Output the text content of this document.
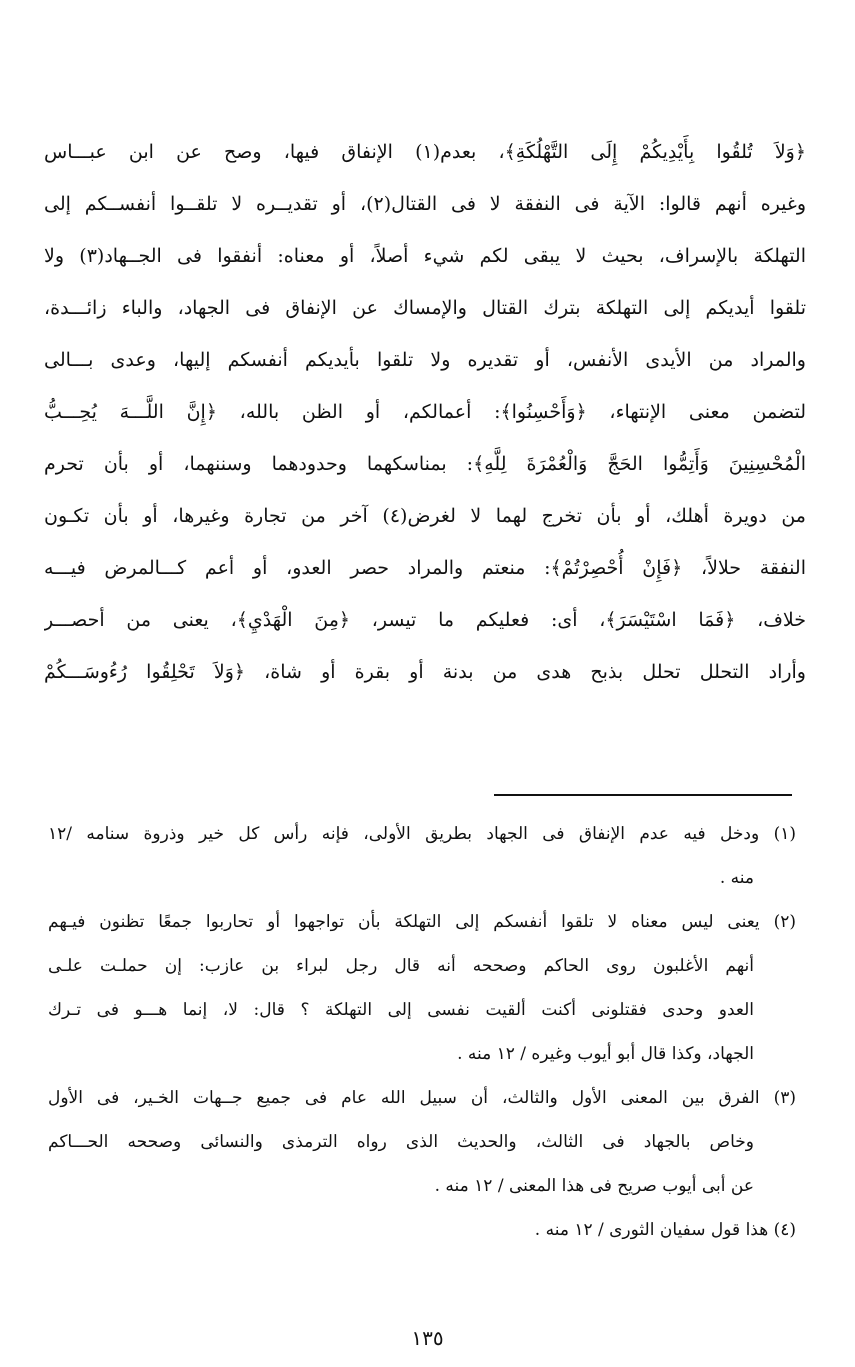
﴿وَلاَ تُلقُوا بِأَيْدِيكُمْ إِلَى التَّهْلُكَةِ﴾، بعدم(١) الإنفاق فيها، وصح عن ابن عبـــاس
وغيره أنهم قالوا: الآية فى النفقة لا فى القتال(٢)، أو تقديــره لا تلقــوا أنفســكم إلى
التهلكة بالإسراف، بحيث لا يبقى لكم شيء أصلاً، أو معناه: أنفقوا فى الجــهاد(٣) ولا
تلقوا أيديكم إلى التهلكة بترك القتال والإمساك عن الإنفاق فى الجهاد، والباء زائـــدة،
والمراد من الأيدى الأنفس، أو تقديره ولا تلقوا بأيديكم أنفسكم إليها، وعدى بـــالى
لتضمن معنى الإنتهاء، ﴿وَأَحْسِنُوا﴾: أعمالكم، أو الظن بالله، ﴿إِنَّ اللَّـــهَ يُحِـــبُّ
الْمُحْسِنِينَ وَأَتِمُّوا الحَجَّ وَالْعُمْرَةَ لِلَّهِ﴾: بمناسكهما وحدودهما وسننهما، أو بأن تحرم
من دويرة أهلك، أو بأن تخرج لهما لا لغرض(٤) آخر من تجارة وغيرها، أو بأن تكـون
النفقة حلالاً، ﴿فَإِنْ أُحْصِرْتُمْ﴾: منعتم والمراد حصر العدو، أو أعم كـــالمرض فيـــه
خلاف، ﴿فَمَا اسْتَيْسَرَ﴾، أى: فعليكم ما تيسر، ﴿مِنَ الْهَدْيِ﴾، يعنى من أحصـــر
وأراد التحلل تحلل بذبح هدى من بدنة أو بقرة أو شاة، ﴿وَلاَ تَحْلِقُوا رُءُوسَـــكُمْ
(١) ودخل فيه عدم الإنفاق فى الجهاد بطريق الأولى، فإنه رأس كل خير وذروة سنامه /١٢
منه .
(٢) يعنى ليس معناه لا تلقوا أنفسكم إلى التهلكة بأن تواجهوا أو تحاربوا جمعًا تظنون فيـهم
أنهم الأغلبون روى الحاكم وصححه أنه قال رجل لبراء بن عازب: إن حملـت علـى
العدو وحدى فقتلونى أكنت ألقيت نفسى إلى التهلكة ؟ قال: لا، إنما هـــو فى تـرك
الجهاد، وكذا قال أبو أيوب وغيره / ١٢ منه .
(٣) الفرق بين المعنى الأول والثالث، أن سبيل الله عام فى جميع جــهات الخـير، فى الأول
وخاص بالجهاد فى الثالث، والحديث الذى رواه الترمذى والنسائى وصححه الحـــاكم
عن أبى أيوب صريح فى هذا المعنى / ١٢ منه .
(٤) هذا قول سفيان الثورى / ١٢ منه .
١٣٥
